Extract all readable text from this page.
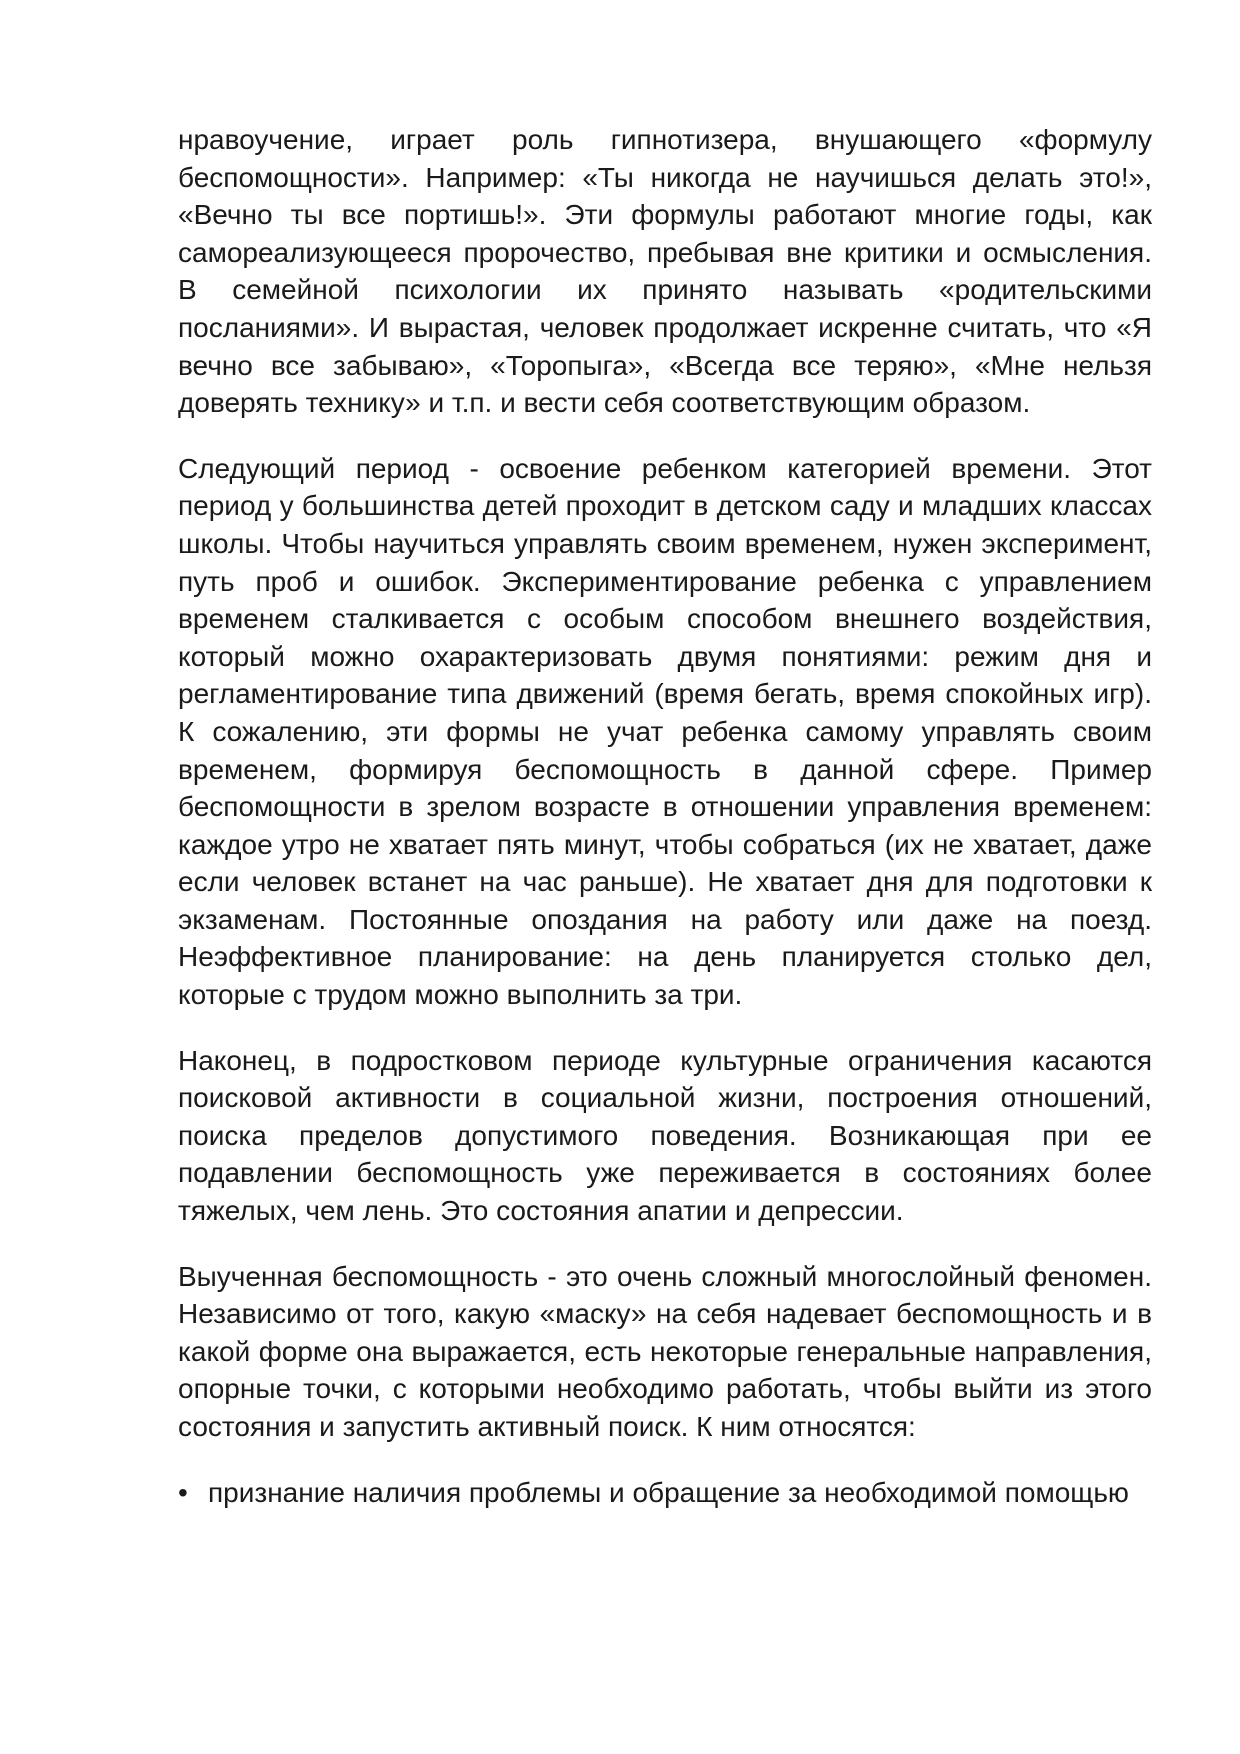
нравоучение, играет роль гипнотизера, внушающего «формулу беспомощности». Например: «Ты никогда не научишься делать это!», «Вечно ты все портишь!». Эти формулы работают многие годы, как самореализующееся пророчество, пребывая вне критики и осмысления. В семейной психологии их принято называть «родительскими посланиями». И вырастая, человек продолжает искренне считать, что «Я вечно все забываю», «Торопыга», «Всегда все теряю», «Мне нельзя доверять технику» и т.п. и вести себя соответствующим образом.

Следующий период - освоение ребенком категорией времени. Этот период у большинства детей проходит в детском саду и младших классах школы. Чтобы научиться управлять своим временем, нужен эксперимент, путь проб и ошибок. Экспериментирование ребенка с управлением временем сталкивается с особым способом внешнего воздействия, который можно охарактеризовать двумя понятиями: режим дня и регламентирование типа движений (время бегать, время спокойных игр). К сожалению, эти формы не учат ребенка самому управлять своим временем, формируя беспомощность в данной сфере. Пример беспомощности в зрелом возрасте в отношении управления временем: каждое утро не хватает пять минут, чтобы собраться (их не хватает, даже если человек встанет на час раньше). Не хватает дня для подготовки к экзаменам. Постоянные опоздания на работу или даже на поезд. Неэффективное планирование: на день планируется столько дел, которые с трудом можно выполнить за три.

Наконец, в подростковом периоде культурные ограничения касаются поисковой активности в социальной жизни, построения отношений, поиска пределов допустимого поведения. Возникающая при ее подавлении беспомощность уже переживается в состояниях более тяжелых, чем лень. Это состояния апатии и депрессии.

Выученная беспомощность - это очень сложный многослойный феномен. Независимо от того, какую «маску» на себя надевает беспомощность и в какой форме она выражается, есть некоторые генеральные направления, опорные точки, с которыми необходимо работать, чтобы выйти из этого состояния и запустить активный поиск. К ним относятся:

• признание наличия проблемы и обращение за необходимой помощью
